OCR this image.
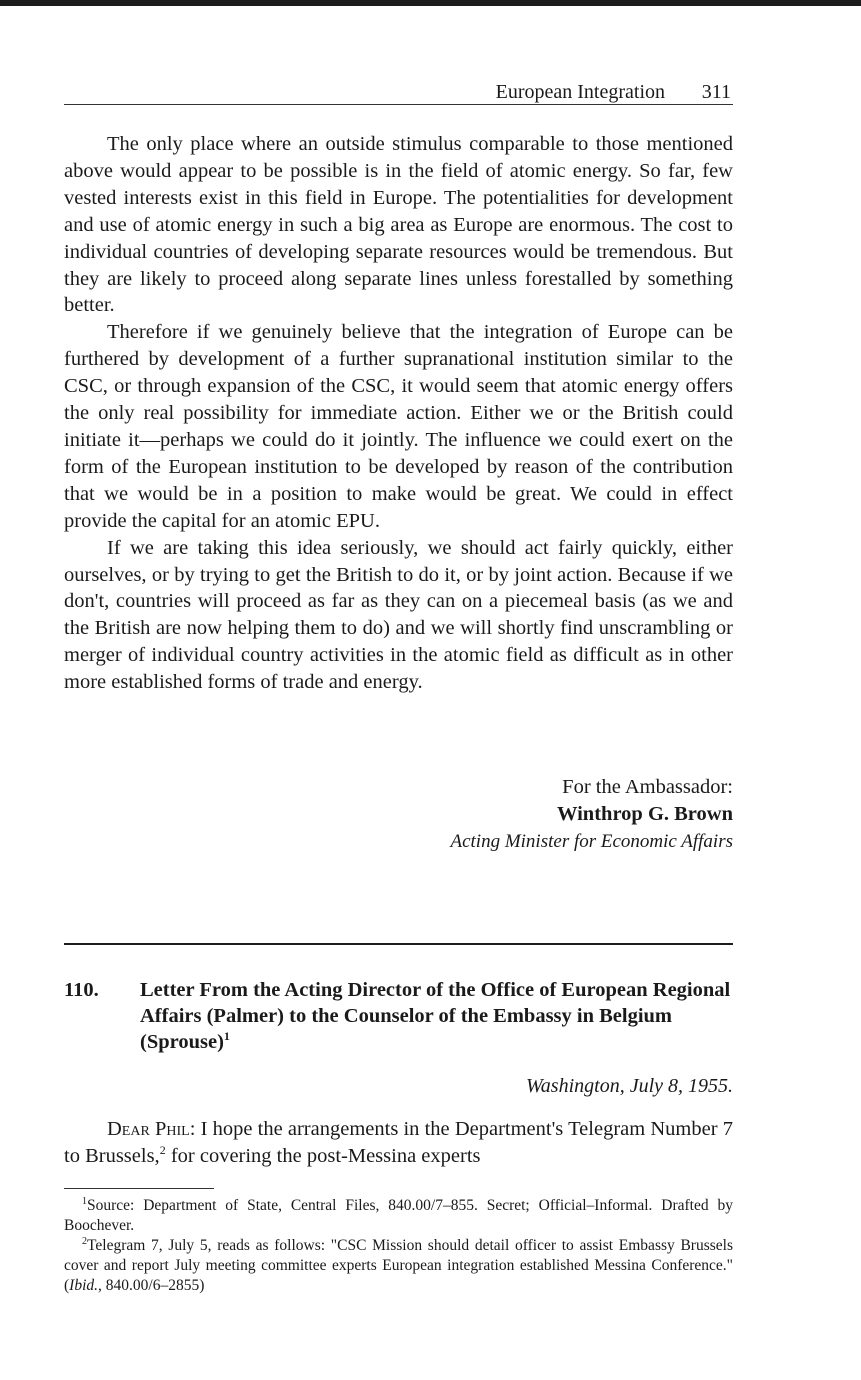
European Integration 311

The only place where an outside stimulus comparable to those mentioned above would appear to be possible is in the field of atomic energy. So far, few vested interests exist in this field in Europe. The potentialities for development and use of atomic energy in such a big area as Europe are enormous. The cost to individual countries of developing separate resources would be tremendous. But they are likely to proceed along separate lines unless forestalled by something better.

Therefore if we genuinely believe that the integration of Europe can be furthered by development of a further supranational institution similar to the CSC, or through expansion of the CSC, it would seem that atomic energy offers the only real possibility for immediate action. Either we or the British could initiate it—perhaps we could do it jointly. The influence we could exert on the form of the European institution to be developed by reason of the contribution that we would be in a position to make would be great. We could in effect provide the capital for an atomic EPU.

If we are taking this idea seriously, we should act fairly quickly, either ourselves, or by trying to get the British to do it, or by joint action. Because if we don't, countries will proceed as far as they can on a piecemeal basis (as we and the British are now helping them to do) and we will shortly find unscrambling or merger of individual country activities in the atomic field as difficult as in other more established forms of trade and energy.

For the Ambassador:
Winthrop G. Brown
Acting Minister for Economic Affairs
110. Letter From the Acting Director of the Office of European Regional Affairs (Palmer) to the Counselor of the Embassy in Belgium (Sprouse)$^1$
Washington, July 8, 1955.

Dear Phil: I hope the arrangements in the Department's Telegram Number 7 to Brussels,$^2$ for covering the post-Messina experts

$^1$Source: Department of State, Central Files, 840.00/7–855. Secret; Official–Informal. Drafted by Boochever.

$^2$Telegram 7, July 5, reads as follows: "CSC Mission should detail officer to assist Embassy Brussels cover and report July meeting committee experts European integration established Messina Conference." (Ibid., 840.00/6–2855)
